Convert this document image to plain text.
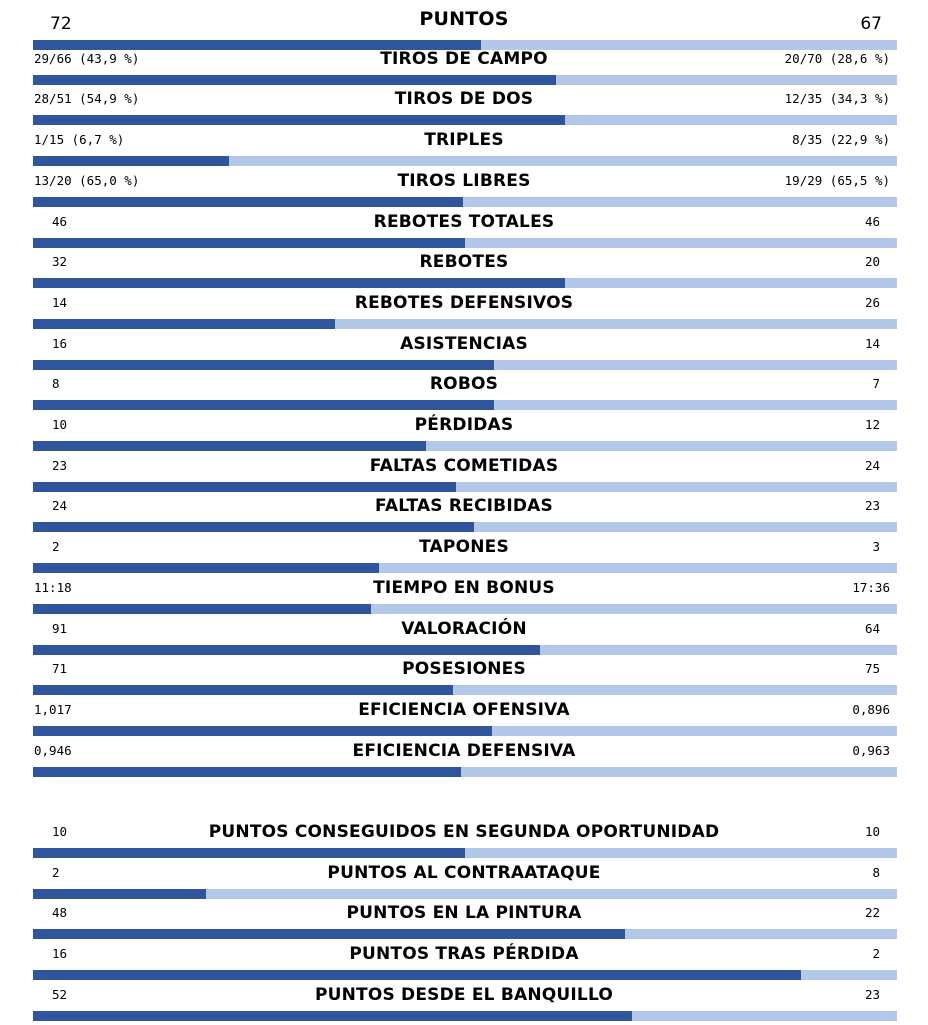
72	PUNTOS	67
29/66 (43,9 %)	TIROS DE CAMPO	20/70 (28,6 %)
28/51 (54,9 %)	TIROS DE DOS	12/35 (34,3 %)
1/15 (6,7 %)	TRIPLES	8/35 (22,9 %)
13/20 (65,0 %)	TIROS LIBRES	19/29 (65,5 %)
46	REBOTES TOTALES	46
32	REBOTES	20
14	REBOTES DEFENSIVOS	26
16	ASISTENCIAS	14
8	ROBOS	7
10	PÉRDIDAS	12
23	FALTAS COMETIDAS	24
24	FALTAS RECIBIDAS	23
2	TAPONES	3
11:18	TIEMPO EN BONUS	17:36
91	VALORACIÓN	64
71	POSESIONES	75
1,017	EFICIENCIA OFENSIVA	0,896
0,946	EFICIENCIA DEFENSIVA	0,963
10	PUNTOS CONSEGUIDOS EN SEGUNDA OPORTUNIDAD	10
2	PUNTOS AL CONTRAATAQUE	8
48	PUNTOS EN LA PINTURA	22
16	PUNTOS TRAS PÉRDIDA	2
52	PUNTOS DESDE EL BANQUILLO	23
